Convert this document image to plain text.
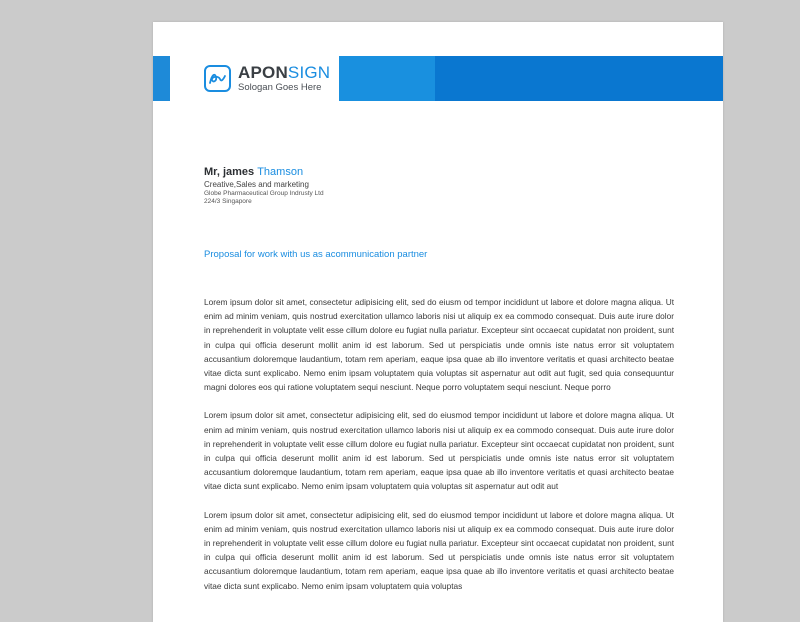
APONSIGN
Sologan Goes Here
Mr, james Thamson
Creative,Sales and marketing
Globe Pharmaceutical Group Indrusty Ltd
224/3 Singapore
Proposal for work with us as acommunication partner

Lorem ipsum dolor sit amet, consectetur adipisicing elit, sed do eiusm od tempor incididunt ut labore et dolore magna aliqua. Ut enim ad minim veniam, quis nostrud exercitation ullamco laboris nisi ut aliquip ex ea commodo consequat. Duis aute irure dolor in reprehenderit in voluptate velit esse cillum dolore eu fugiat nulla pariatur. Excepteur sint occaecat cupidatat non proident, sunt in culpa qui officia deserunt mollit anim id est laborum. Sed ut perspiciatis unde omnis iste natus error sit voluptatem accusantium doloremque laudantium, totam rem aperiam, eaque ipsa quae ab illo inventore veritatis et quasi architecto beatae vitae dicta sunt explicabo. Nemo enim ipsam voluptatem quia voluptas sit aspernatur aut odit aut fugit, sed quia consequuntur magni dolores eos qui ratione voluptatem sequi nesciunt. Neque porro voluptatem sequi nesciunt. Neque porro

Lorem ipsum dolor sit amet, consectetur adipisicing elit, sed do eiusmod tempor incididunt ut labore et dolore magna aliqua. Ut enim ad minim veniam, quis nostrud exercitation ullamco laboris nisi ut aliquip ex ea commodo consequat. Duis aute irure dolor in reprehenderit in voluptate velit esse cillum dolore eu fugiat nulla pariatur. Excepteur sint occaecat cupidatat non proident, sunt in culpa qui officia deserunt mollit anim id est laborum. Sed ut perspiciatis unde omnis iste natus error sit voluptatem accusantium doloremque laudantium, totam rem aperiam, eaque ipsa quae ab illo inventore veritatis et quasi architecto beatae vitae dicta sunt explicabo. Nemo enim ipsam voluptatem quia voluptas sit aspernatur aut odit aut

Lorem ipsum dolor sit amet, consectetur adipisicing elit, sed do eiusmod tempor incididunt ut labore et dolore magna aliqua. Ut enim ad minim veniam, quis nostrud exercitation ullamco laboris nisi ut aliquip ex ea commodo consequat. Duis aute irure dolor in reprehenderit in voluptate velit esse cillum dolore eu fugiat nulla pariatur. Excepteur sint occaecat cupidatat non proident, sunt in culpa qui officia deserunt mollit anim id est laborum. Sed ut perspiciatis unde omnis iste natus error sit voluptatem accusantium doloremque laudantium, totam rem aperiam, eaque ipsa quae ab illo inventore veritatis et quasi architecto beatae vitae dicta sunt explicabo. Nemo enim ipsam voluptatem quia voluptas
